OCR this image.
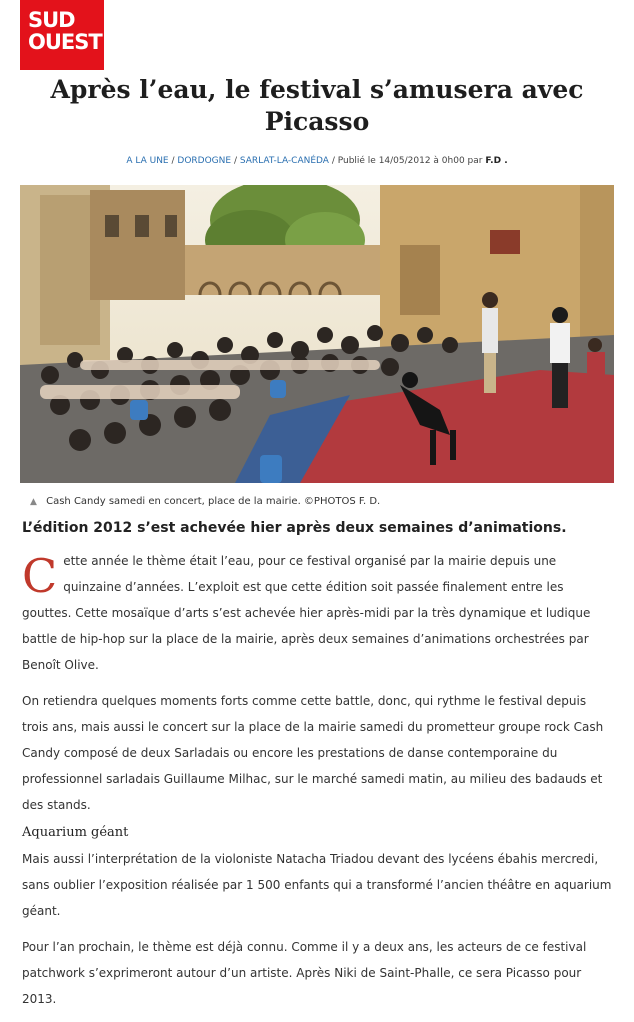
SUD
OUEST
Après l’eau, le festival s’amusera avec Picasso
A LA UNE / DORDOGNE / SARLAT-LA-CANÉDA / Publié le 14/05/2012 à 0h00 par F.D .
▲ Cash Candy samedi en concert, place de la mairie. ©PHOTOS F. D.
L’édition 2012 s’est achevée hier après deux semaines d’animations.

C ette année le thème était l’eau, pour ce festival organisé par la mairie depuis une quinzaine d’années. L’exploit est que cette édition soit passée finalement entre les gouttes. Cette mosaïque d’arts s’est achevée hier après-midi par la très dynamique et ludique battle de hip-hop sur la place de la mairie, après deux semaines d’animations orchestrées par Benoît Olive.

On retiendra quelques moments forts comme cette battle, donc, qui rythme le festival depuis trois ans, mais aussi le concert sur la place de la mairie samedi du prometteur groupe rock Cash Candy composé de deux Sarladais ou encore les prestations de danse contemporaine du professionnel sarladais Guillaume Milhac, sur le marché samedi matin, au milieu des badauds et des stands.

Aquarium géant

Mais aussi l’interprétation de la violoniste Natacha Triadou devant des lycéens ébahis mercredi, sans oublier l’exposition réalisée par 1 500 enfants qui a transformé l’ancien théâtre en aquarium géant.

Pour l’an prochain, le thème est déjà connu. Comme il y a deux ans, les acteurs de ce festival patchwork s’exprimeront autour d’un artiste. Après Niki de Saint-Phalle, ce sera Picasso pour 2013.
